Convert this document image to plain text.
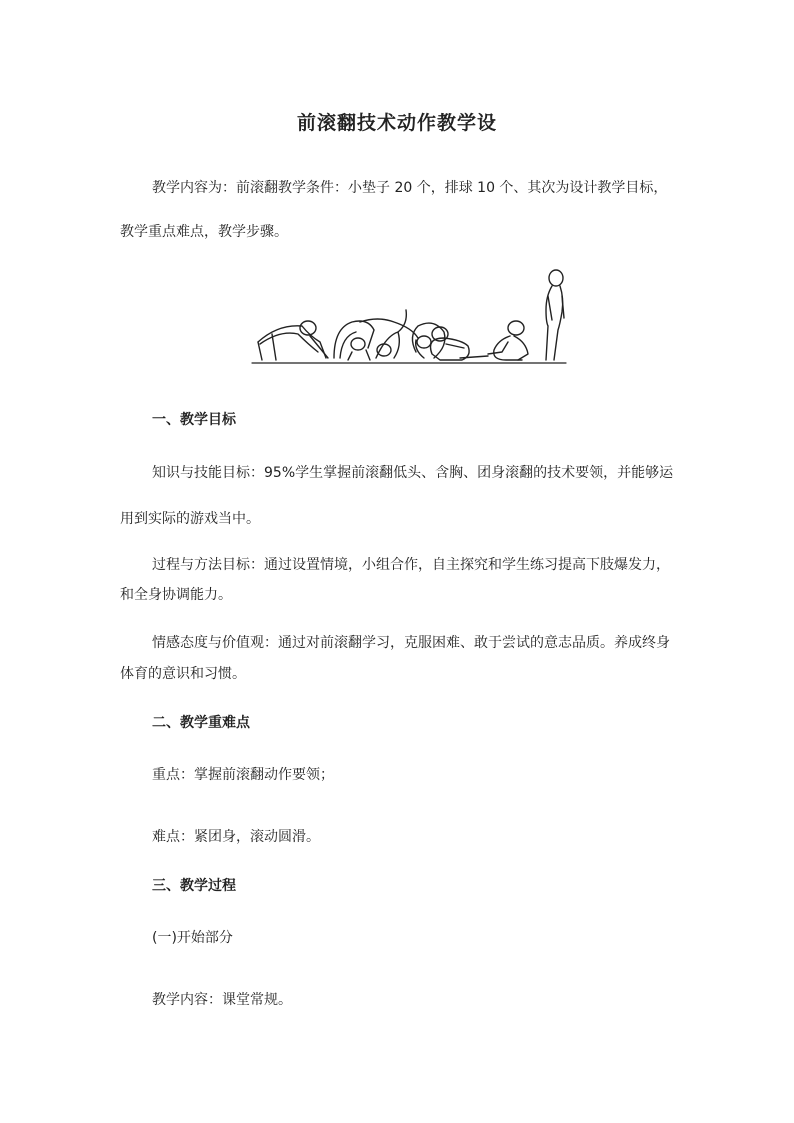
前滚翻技术动作教学设

教学内容为：前滚翻教学条件：小垫子 20 个，排球 10 个、其次为设计教学目标，

教学重点难点，教学步骤。

一、教学目标

知识与技能目标：95%学生掌握前滚翻低头、含胸、团身滚翻的技术要领，并能够运

用到实际的游戏当中。

过程与方法目标：通过设置情境，小组合作，自主探究和学生练习提高下肢爆发力，

和全身协调能力。

情感态度与价值观：通过对前滚翻学习，克服困难、敢于尝试的意志品质。养成终身

体育的意识和习惯。

二、教学重难点

重点：掌握前滚翻动作要领；

难点：紧团身，滚动圆滑。

三、教学过程

(一)开始部分

教学内容：课堂常规。
